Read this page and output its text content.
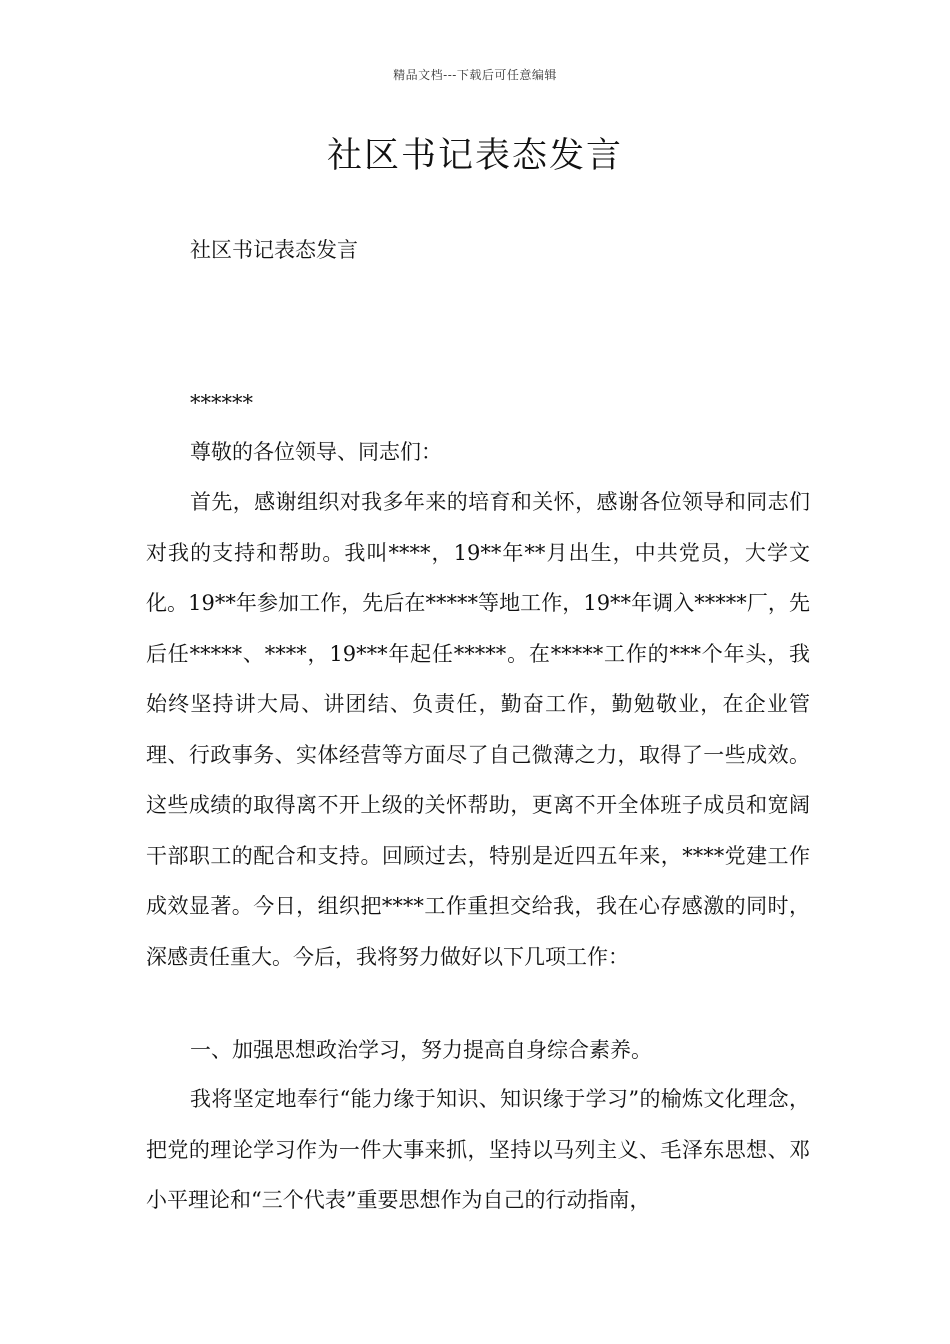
精品文档---下载后可任意编辑
社区书记表态发言
社区书记表态发言
******
尊敬的各位领导、同志们：
首先，感谢组织对我多年来的培育和关怀，感谢各位领导和同志们对我的支持和帮助。我叫****，19**年**月出生，中共党员，大学文化。19**年参加工作，先后在*****等地工作，19**年调入*****厂，先后任*****、****，19***年起任*****。在*****工作的***个年头，我始终坚持讲大局、讲团结、负责任，勤奋工作，勤勉敬业，在企业管理、行政事务、实体经营等方面尽了自己微薄之力，取得了一些成效。这些成绩的取得离不开上级的关怀帮助，更离不开全体班子成员和宽阔干部职工的配合和支持。回顾过去，特别是近四五年来，****党建工作成效显著。今日，组织把****工作重担交给我，我在心存感激的同时，深感责任重大。今后，我将努力做好以下几项工作：
一、加强思想政治学习，努力提高自身综合素养。
我将坚定地奉行“能力缘于知识、知识缘于学习”的榆炼文化理念，把党的理论学习作为一件大事来抓，坚持以马列主义、毛泽东思想、邓小平理论和“三个代表”重要思想作为自己的行动指南，
